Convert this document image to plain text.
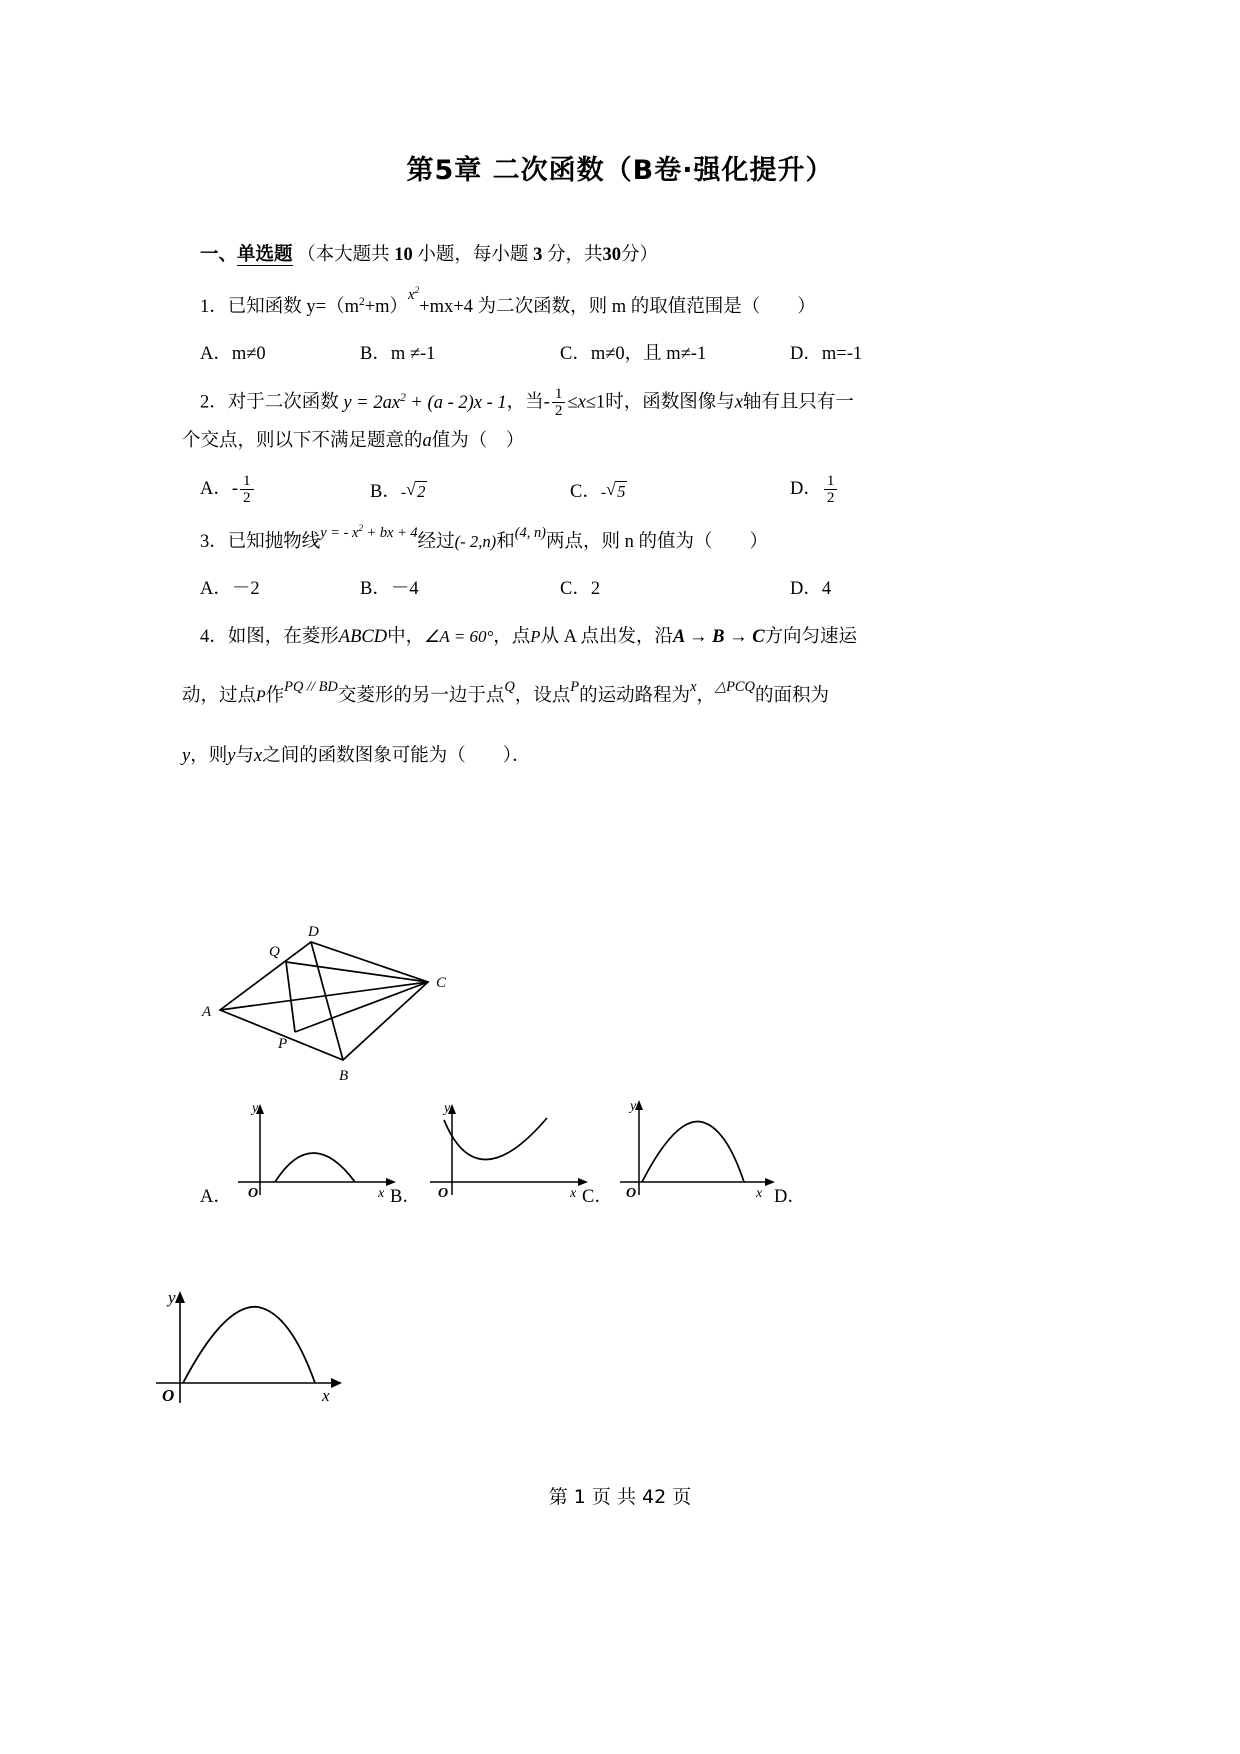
第5章 二次函数（B卷·强化提升）
一、单选题 （本大题共 10 小题，每小题 3 分，共30分）
1．已知函数 $y=(m^2+m)x^2+mx+4$ 为二次函数，则 m 的取值范围是（　　）
A．m≠0	B．m ≠-1	C．m≠0，且 m≠-1	D．m=-1
2．对于二次函数 $y = 2ax^2 + (a - 2)x - 1$，当- $\frac{1}{2} \le x\le 1$时，函数图像与x轴有且只有一
个交点，则以下不满足题意的a值为（　）
A．- $\frac{1}{2}$	B．- √ 2	C．- √ 5	D． $\frac{1}{2}$
3．已知抛物线y = - $x^2$ + bx + 4经过(- 2,n)和(4, n)两点，则 n 的值为（　　）
A．－2	B．－4	C．2	D．4
4．如图，在菱形ABCD中，∠A = 60°，点P从 A 点出发，沿A → B → C方向匀速运
动，过点P作PQ // BD交菱形的另一边于点Q，设点P的运动路程为x，△PCQ的面积为
y，则y与x之间的函数图象可能为（　　）．
A
B
C
D
P
Q
A．
y
x
O	B．
y
x
O	C．
y
x
O	D．
y
x
O
第 1 页 共 42 页
